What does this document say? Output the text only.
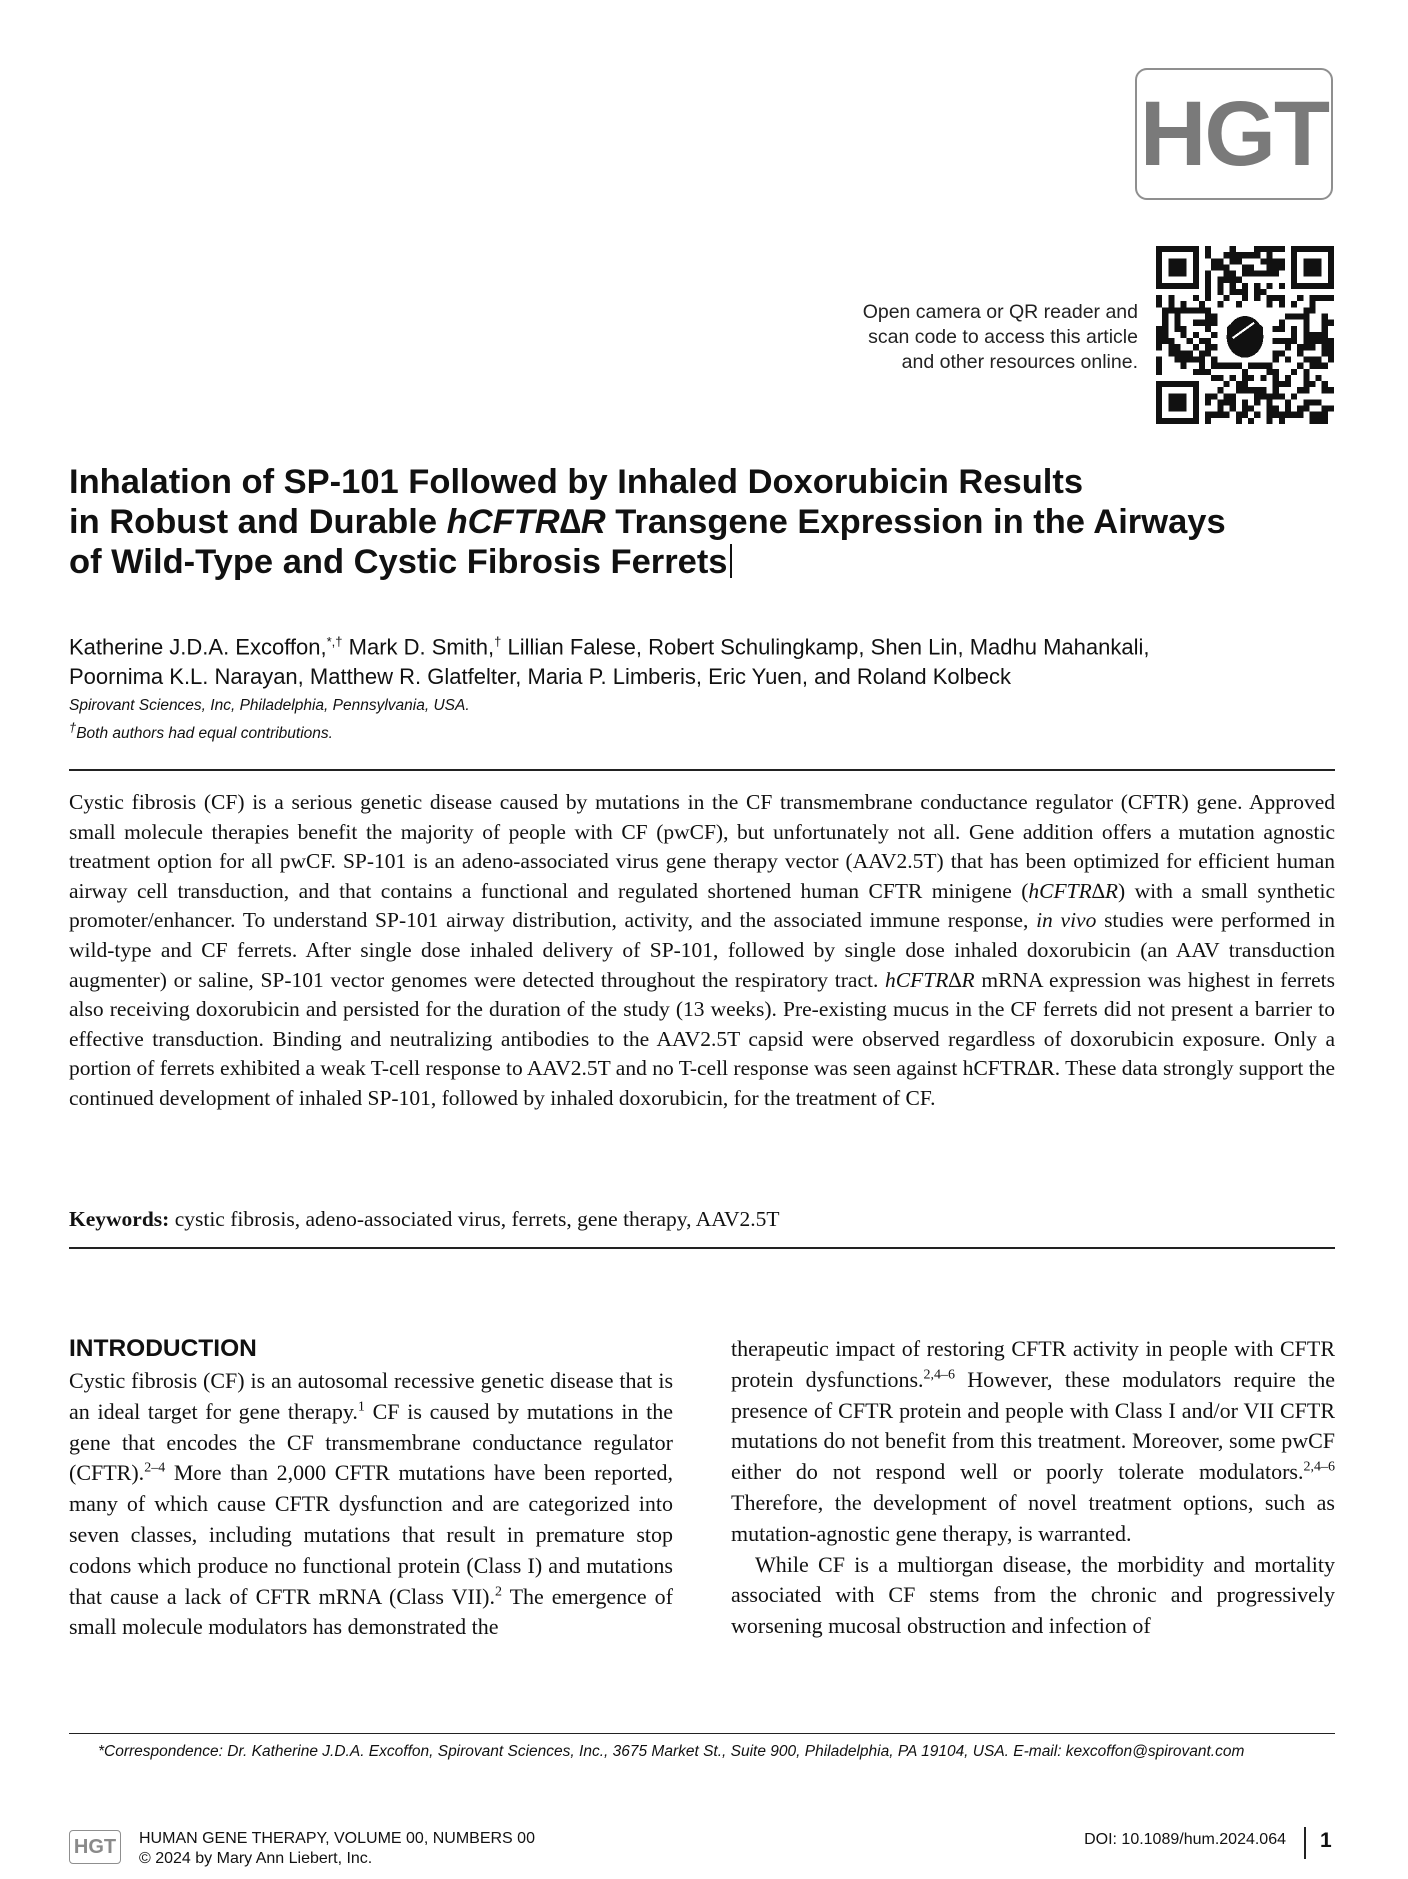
HGT
Open camera or QR reader and
scan code to access this article
and other resources online.
Inhalation of SP-101 Followed by Inhaled Doxorubicin Results
in Robust and Durable hCFTR∆R Transgene Expression in the Airways
of Wild-Type and Cystic Fibrosis Ferrets
Katherine J.D.A. Excoffon,*,† Mark D. Smith,† Lillian Falese, Robert Schulingkamp, Shen Lin, Madhu Mahankali,
Poornima K.L. Narayan, Matthew R. Glatfelter, Maria P. Limberis, Eric Yuen, and Roland Kolbeck
Spirovant Sciences, Inc, Philadelphia, Pennsylvania, USA.
†Both authors had equal contributions.
Cystic fibrosis (CF) is a serious genetic disease caused by mutations in the CF transmembrane conductance regulator (CFTR) gene. Approved small molecule therapies benefit the majority of people with CF (pwCF), but unfortunately not all. Gene addition offers a mutation agnostic treatment option for all pwCF. SP-101 is an adeno-associated virus gene therapy vector (AAV2.5T) that has been optimized for efficient human airway cell transduction, and that contains a functional and regulated shortened human CFTR minigene (hCFTR∆R) with a small synthetic promoter/enhancer. To understand SP-101 airway distribution, activity, and the associated immune response, in vivo studies were performed in wild-type and CF ferrets. After single dose inhaled delivery of SP-101, followed by single dose inhaled doxorubicin (an AAV transduction augmenter) or saline, SP-101 vector genomes were detected throughout the respiratory tract. hCFTR∆R mRNA expression was highest in ferrets also receiving doxorubicin and persisted for the duration of the study (13 weeks). Pre-existing mucus in the CF ferrets did not present a barrier to effective transduction. Binding and neutralizing antibodies to the AAV2.5T capsid were observed regardless of doxorubicin exposure. Only a portion of ferrets exhibited a weak T-cell response to AAV2.5T and no T-cell response was seen against hCFTR∆R. These data strongly support the continued development of inhaled SP-101, followed by inhaled doxorubicin, for the treatment of CF.
Keywords: cystic fibrosis, adeno-associated virus, ferrets, gene therapy, AAV2.5T
INTRODUCTION

Cystic fibrosis (CF) is an autosomal recessive genetic disease that is an ideal target for gene therapy.$^1$ CF is caused by mutations in the gene that encodes the CF transmembrane conductance regulator (CFTR).$^{2-4}$ More than 2,000 CFTR mutations have been reported, many of which cause CFTR dysfunction and are categorized into seven classes, including mutations that result in premature stop codons which produce no functional protein (Class I) and mutations that cause a lack of CFTR mRNA (Class VII).$^2$ The emergence of small molecule modulators has demonstrated the

therapeutic impact of restoring CFTR activity in people with CFTR protein dysfunctions.$^{2,4-6}$ However, these modulators require the presence of CFTR protein and people with Class I and/or VII CFTR mutations do not benefit from this treatment. Moreover, some pwCF either do not respond well or poorly tolerate modulators.$^{2,4-6}$ Therefore, the development of novel treatment options, such as mutation-agnostic gene therapy, is warranted.

While CF is a multiorgan disease, the morbidity and mortality associated with CF stems from the chronic and progressively worsening mucosal obstruction and infection of

*Correspondence: Dr. Katherine J.D.A. Excoffon, Spirovant Sciences, Inc., 3675 Market St., Suite 900, Philadelphia, PA 19104, USA. E-mail: kexcoffon@spirovant.com
HGT	HUMAN GENE THERAPY, VOLUME 00, NUMBERS 00
© 2024 by Mary Ann Liebert, Inc.
DOI: 10.1089/hum.2024.064 1
